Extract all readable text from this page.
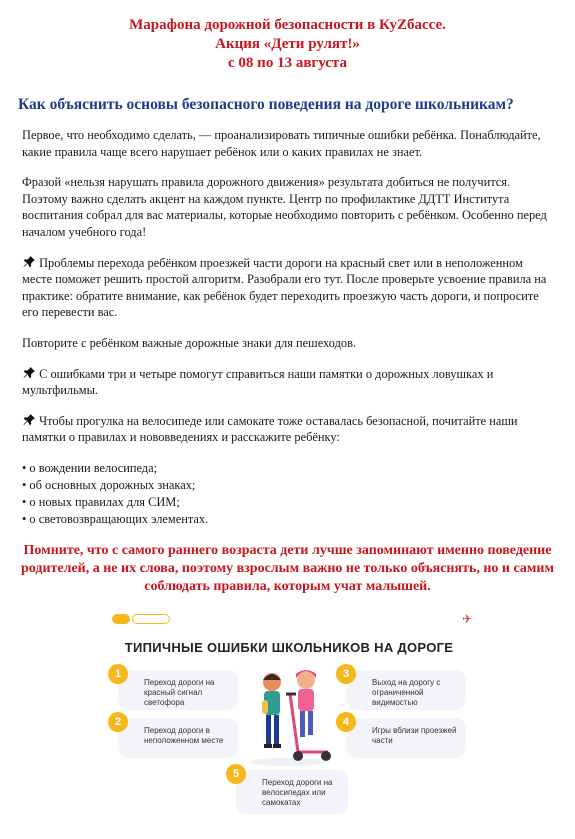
Марафона дорожной безопасности в КуZбассе.
Акция «Дети рулят!»
с 08 по 13 августа
Как объяснить основы безопасного поведения на дороге школьникам?
Первое, что необходимо сделать, — проанализировать типичные ошибки ребёнка. Понаблюдайте, какие правила чаще всего нарушает ребёнок или о каких правилах не знает.
Фразой «нельзя нарушать правила дорожного движения» результата добиться не получится. Поэтому важно сделать акцент на каждом пункте. Центр по профилактике ДДТТ Института воспитания собрал для вас материалы, которые необходимо повторить с ребёнком. Особенно перед началом учебного года!
Проблемы перехода ребёнком проезжей части дороги на красный свет или в неположенном месте поможет решить простой алгоритм. Разобрали его тут. После проверьте усвоение правила на практике: обратите внимание, как ребёнок будет переходить проезжую часть дороги, и попросите его перевести вас.
Повторите с ребёнком важные дорожные знаки для пешеходов.
С ошибками три и четыре помогут справиться наши памятки о дорожных ловушках и мультфильмы.
Чтобы прогулка на велосипеде или самокате тоже оставалась безопасной, почитайте наши памятки о правилах и нововведениях и расскажите ребёнку:
• о вождении велосипеда;
• об основных дорожных знаках;
• о новых правилах для СИМ;
• о световозвращающих элементах.
Помните, что с самого раннего возраста дети лучше запоминают именно поведение родителей, а не их слова, поэтому взрослым важно не только объяснять, но и самим соблюдать правила, которым учат малышей.
✈
ТИПИЧНЫЕ ОШИБКИ ШКОЛЬНИКОВ НА ДОРОГЕ
Переход дороги на красный сигнал светофора
1
Переход дороги в неположенном месте
2
Выход на дорогу с ограниченной видимостью
3
Игры вблизи проезжей части
4
Переход дороги на велосипедах или самокатах
5
